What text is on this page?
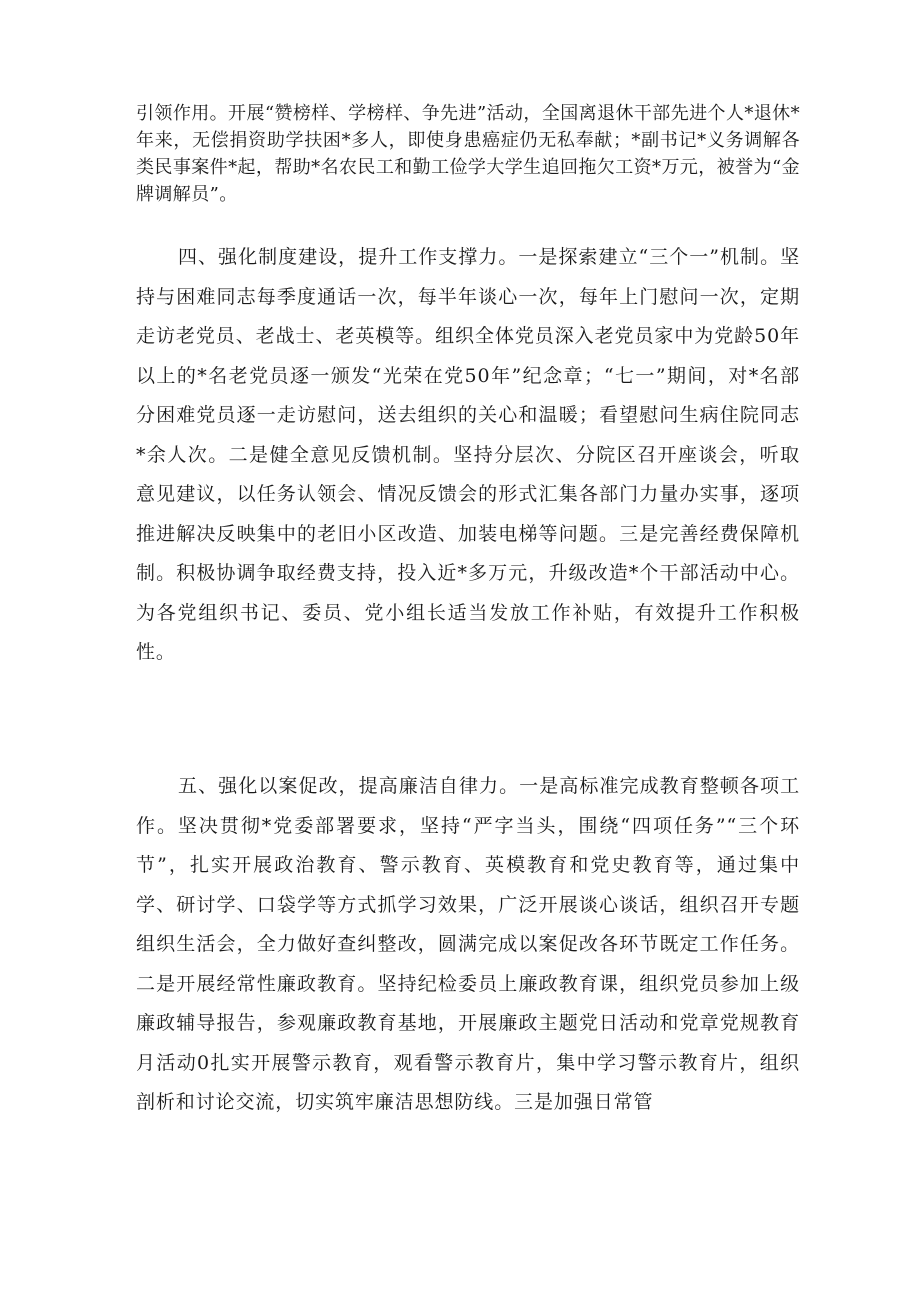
引领作用。开展“赞榜样、学榜样、争先进”活动，全国离退休干部先进个人*退休*年来，无偿捐资助学扶困*多人，即使身患癌症仍无私奉献；*副书记*义务调解各类民事案件*起，帮助*名农民工和勤工俭学大学生追回拖欠工资*万元，被誉为“金牌调解员”。

四、强化制度建设，提升工作支撑力。一是探索建立“三个一”机制。坚持与困难同志每季度通话一次，每半年谈心一次，每年上门慰问一次，定期走访老党员、老战士、老英模等。组织全体党员深入老党员家中为党龄50年以上的*名老党员逐一颁发“光荣在党50年”纪念章；“七一”期间，对*名部分困难党员逐一走访慰问，送去组织的关心和温暖；看望慰问生病住院同志*余人次。二是健全意见反馈机制。坚持分层次、分院区召开座谈会，听取意见建议，以任务认领会、情况反馈会的形式汇集各部门力量办实事，逐项推进解决反映集中的老旧小区改造、加装电梯等问题。三是完善经费保障机制。积极协调争取经费支持，投入近*多万元，升级改造*个干部活动中心。为各党组织书记、委员、党小组长适当发放工作补贴，有效提升工作积极性。

五、强化以案促改，提高廉洁自律力。一是高标准完成教育整顿各项工作。坚决贯彻*党委部署要求，坚持“严字当头，围绕“四项任务”“三个环节”，扎实开展政治教育、警示教育、英模教育和党史教育等，通过集中学、研讨学、口袋学等方式抓学习效果，广泛开展谈心谈话，组织召开专题组织生活会，全力做好查纠整改，圆满完成以案促改各环节既定工作任务。二是开展经常性廉政教育。坚持纪检委员上廉政教育课，组织党员参加上级廉政辅导报告，参观廉政教育基地，开展廉政主题党日活动和党章党规教育月活动0扎实开展警示教育，观看警示教育片，集中学习警示教育片，组织剖析和讨论交流，切实筑牢廉洁思想防线。三是加强日常管
